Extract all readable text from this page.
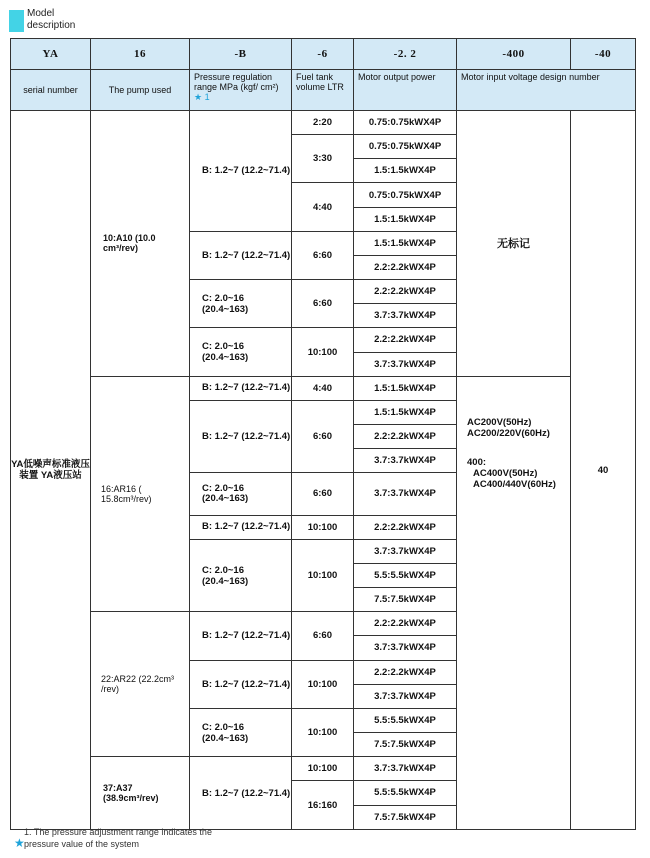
Model
description
YA	16	-B	-6	-2. 2	-400	-40
serial number	The pump used	Pressure regulation range MPa (kgf/ cm²) ★ 1	Fuel tank volume LTR	Motor output power	Motor input voltage design number	
YA低噪声标准液压装置 YA液压站	10:A10 (10.0 cm³/rev)	B: 1.2~7 (12.2~71.4)	2:20	0.75:0.75kWX4P	无标记	40
			3:30	0.75:0.75kWX4P		
				1.5:1.5kWX4P		
			4:40	0.75:0.75kWX4P		
				1.5:1.5kWX4P		
		B: 1.2~7 (12.2~71.4)	6:60	1.5:1.5kWX4P		
				2.2:2.2kWX4P		
		C: 2.0~16 (20.4~163)	6:60	2.2:2.2kWX4P		
				3.7:3.7kWX4P		
		C: 2.0~16 (20.4~163)	10:100	2.2:2.2kWX4P		
				3.7:3.7kWX4P		
	16:AR16 ( 15.8cm³/rev)	B: 1.2~7 (12.2~71.4)	4:40	1.5:1.5kWX4P	AC200V(50Hz)
AC200/220V(60Hz)
400:
AC400V(50Hz)
AC400/440V(60Hz)	

		B: 1.2~7 (12.2~71.4)	6:60	1.5:1.5kWX4P		
				2.2:2.2kWX4P		
				3.7:3.7kWX4P		
		C: 2.0~16 (20.4~163)	6:60	3.7:3.7kWX4P		
		B: 1.2~7 (12.2~71.4)	10:100	2.2:2.2kWX4P		
		C: 2.0~16 (20.4~163)	10:100	3.7:3.7kWX4P		
				5.5:5.5kWX4P		
				7.5:7.5kWX4P		
	22:AR22 (22.2cm³ /rev)	B: 1.2~7 (12.2~71.4)	6:60	2.2:2.2kWX4P		
				3.7:3.7kWX4P		
		B: 1.2~7 (12.2~71.4)	10:100	2.2:2.2kWX4P		
				3.7:3.7kWX4P		
		C: 2.0~16 (20.4~163)	10:100	5.5:5.5kWX4P		
				7.5:7.5kWX4P		
	37:A37 (38.9cm³/rev)	B: 1.2~7 (12.2~71.4)	10:100	3.7:3.7kWX4P		
			16:160	5.5:5.5kWX4P		
				7.5:7.5kWX4P		
★
1. The pressure adjustment range indicates the pressure value of the system
